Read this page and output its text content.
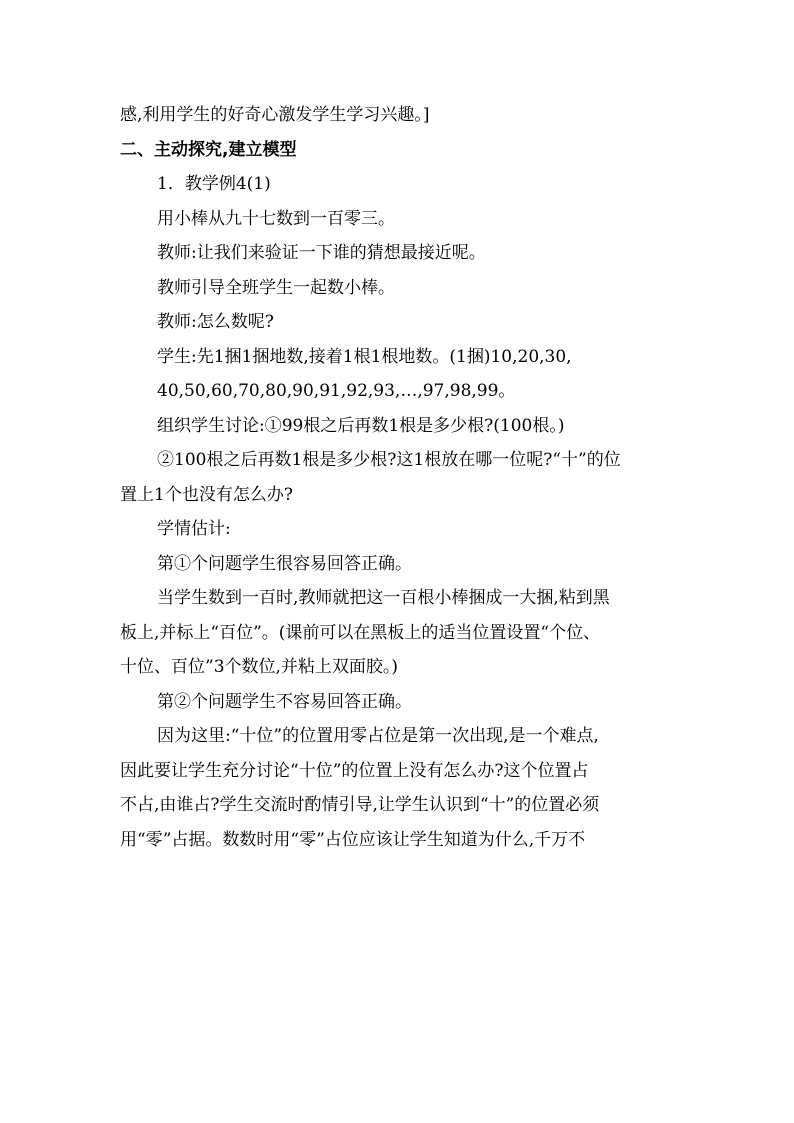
感,利用学生的好奇心激发学生学习兴趣。]
二、主动探究,建立模型
1．教学例4(1)
用小棒从九十七数到一百零三。
教师:让我们来验证一下谁的猜想最接近呢。
教师引导全班学生一起数小棒。
教师:怎么数呢?
学生:先1捆1捆地数,接着1根1根地数。(1捆)10,20,30,
40,50,60,70,80,90,91,92,93,…,97,98,99。
组织学生讨论:①99根之后再数1根是多少根?(100根。)
②100根之后再数1根是多少根?这1根放在哪一位呢?“十”的位
置上1个也没有怎么办?
学情估计:
第①个问题学生很容易回答正确。
当学生数到一百时,教师就把这一百根小棒捆成一大捆,粘到黑
板上,并标上“百位”。(课前可以在黑板上的适当位置设置“个位、
十位、百位”3个数位,并粘上双面胶。)
第②个问题学生不容易回答正确。
因为这里:“十位”的位置用零占位是第一次出现,是一个难点,
因此要让学生充分讨论“十位”的位置上没有怎么办?这个位置占
不占,由谁占?学生交流时酌情引导,让学生认识到“十”的位置必须
用“零”占据。数数时用“零”占位应该让学生知道为什么,千万不
